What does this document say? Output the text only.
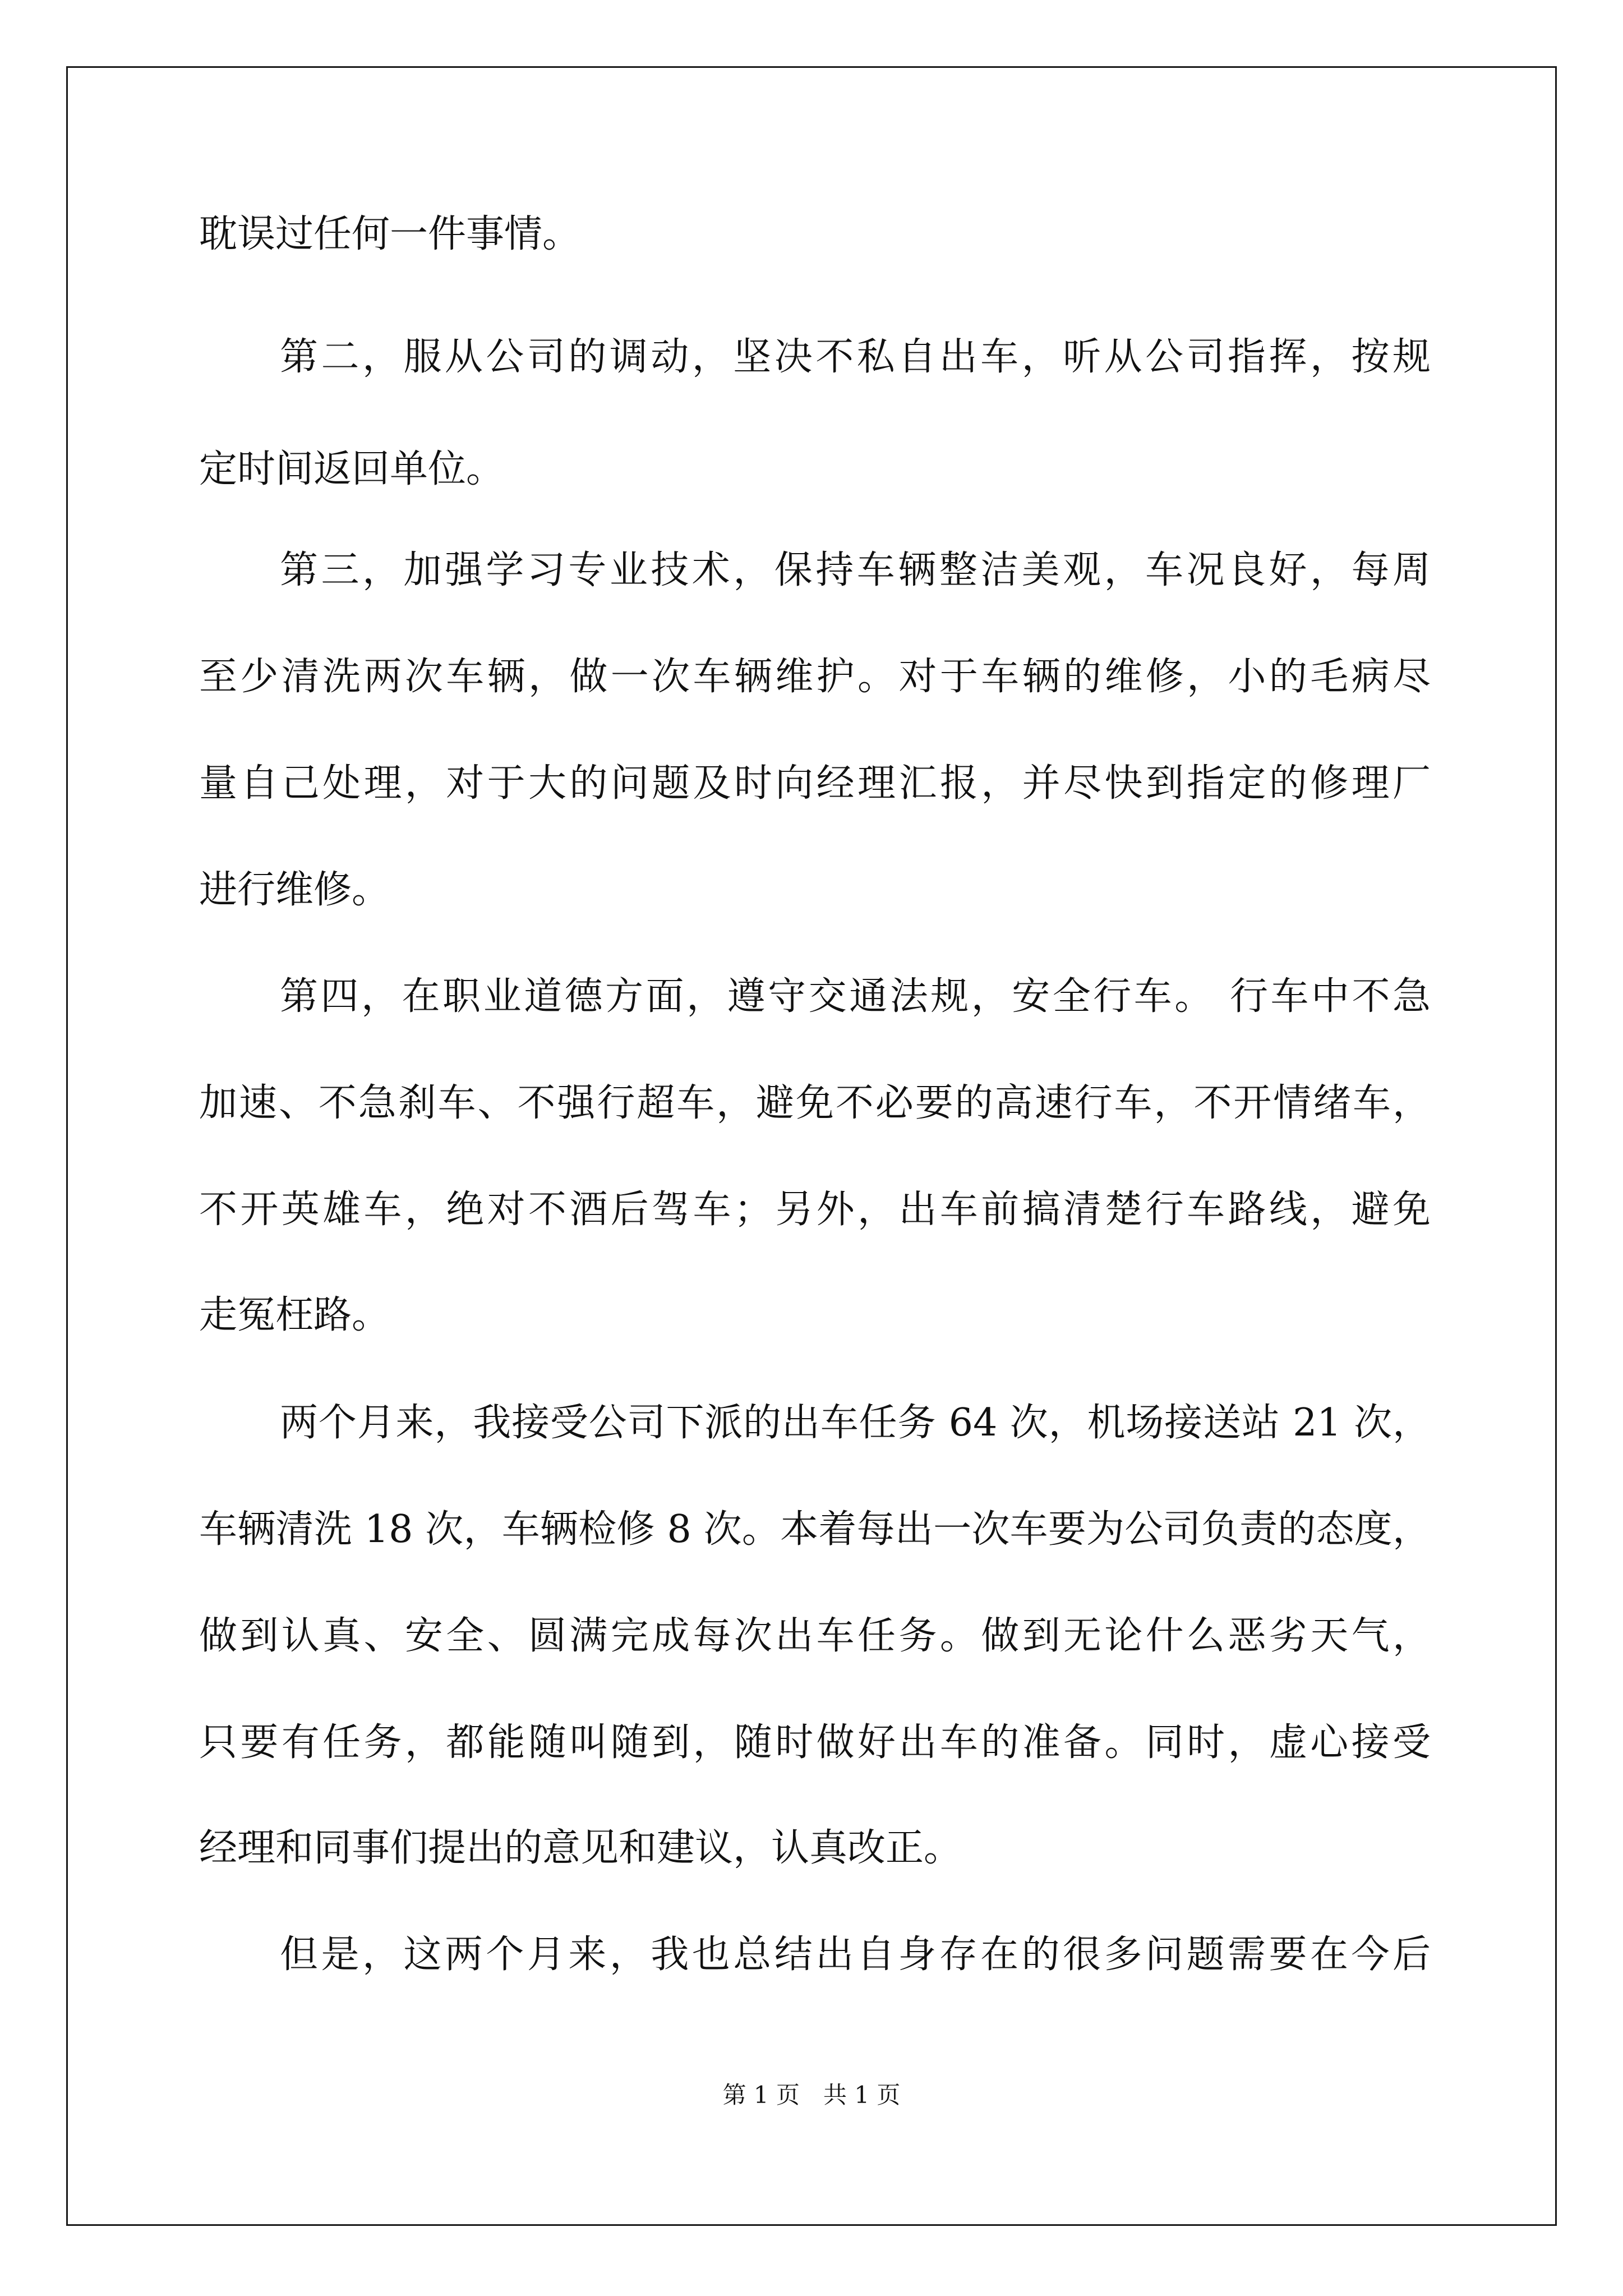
耽误过任何一件事情。

第二，服从公司的调动，坚决不私自出车，听从公司指挥，按规

定时间返回单位。

第三，加强学习专业技术，保持车辆整洁美观，车况良好，每周

至少清洗两次车辆，做一次车辆维护。对于车辆的维修，小的毛病尽

量自己处理，对于大的问题及时向经理汇报，并尽快到指定的修理厂

进行维修。

第四，在职业道德方面，遵守交通法规，安全行车。 行车中不急

加速、不急刹车、不强行超车，避免不必要的高速行车，不开情绪车，

不开英雄车，绝对不酒后驾车；另外，出车前搞清楚行车路线，避免

走冤枉路。

两个月来，我接受公司下派的出车任务 64 次，机场接送站 21 次，

车辆清洗 18 次，车辆检修 8 次。本着每出一次车要为公司负责的态度，

做到认真、安全、圆满完成每次出车任务。做到无论什么恶劣天气，

只要有任务，都能随叫随到，随时做好出车的准备。同时，虚心接受

经理和同事们提出的意见和建议，认真改正。

但是，这两个月来，我也总结出自身存在的很多问题需要在今后

第 1 页 共 1 页
